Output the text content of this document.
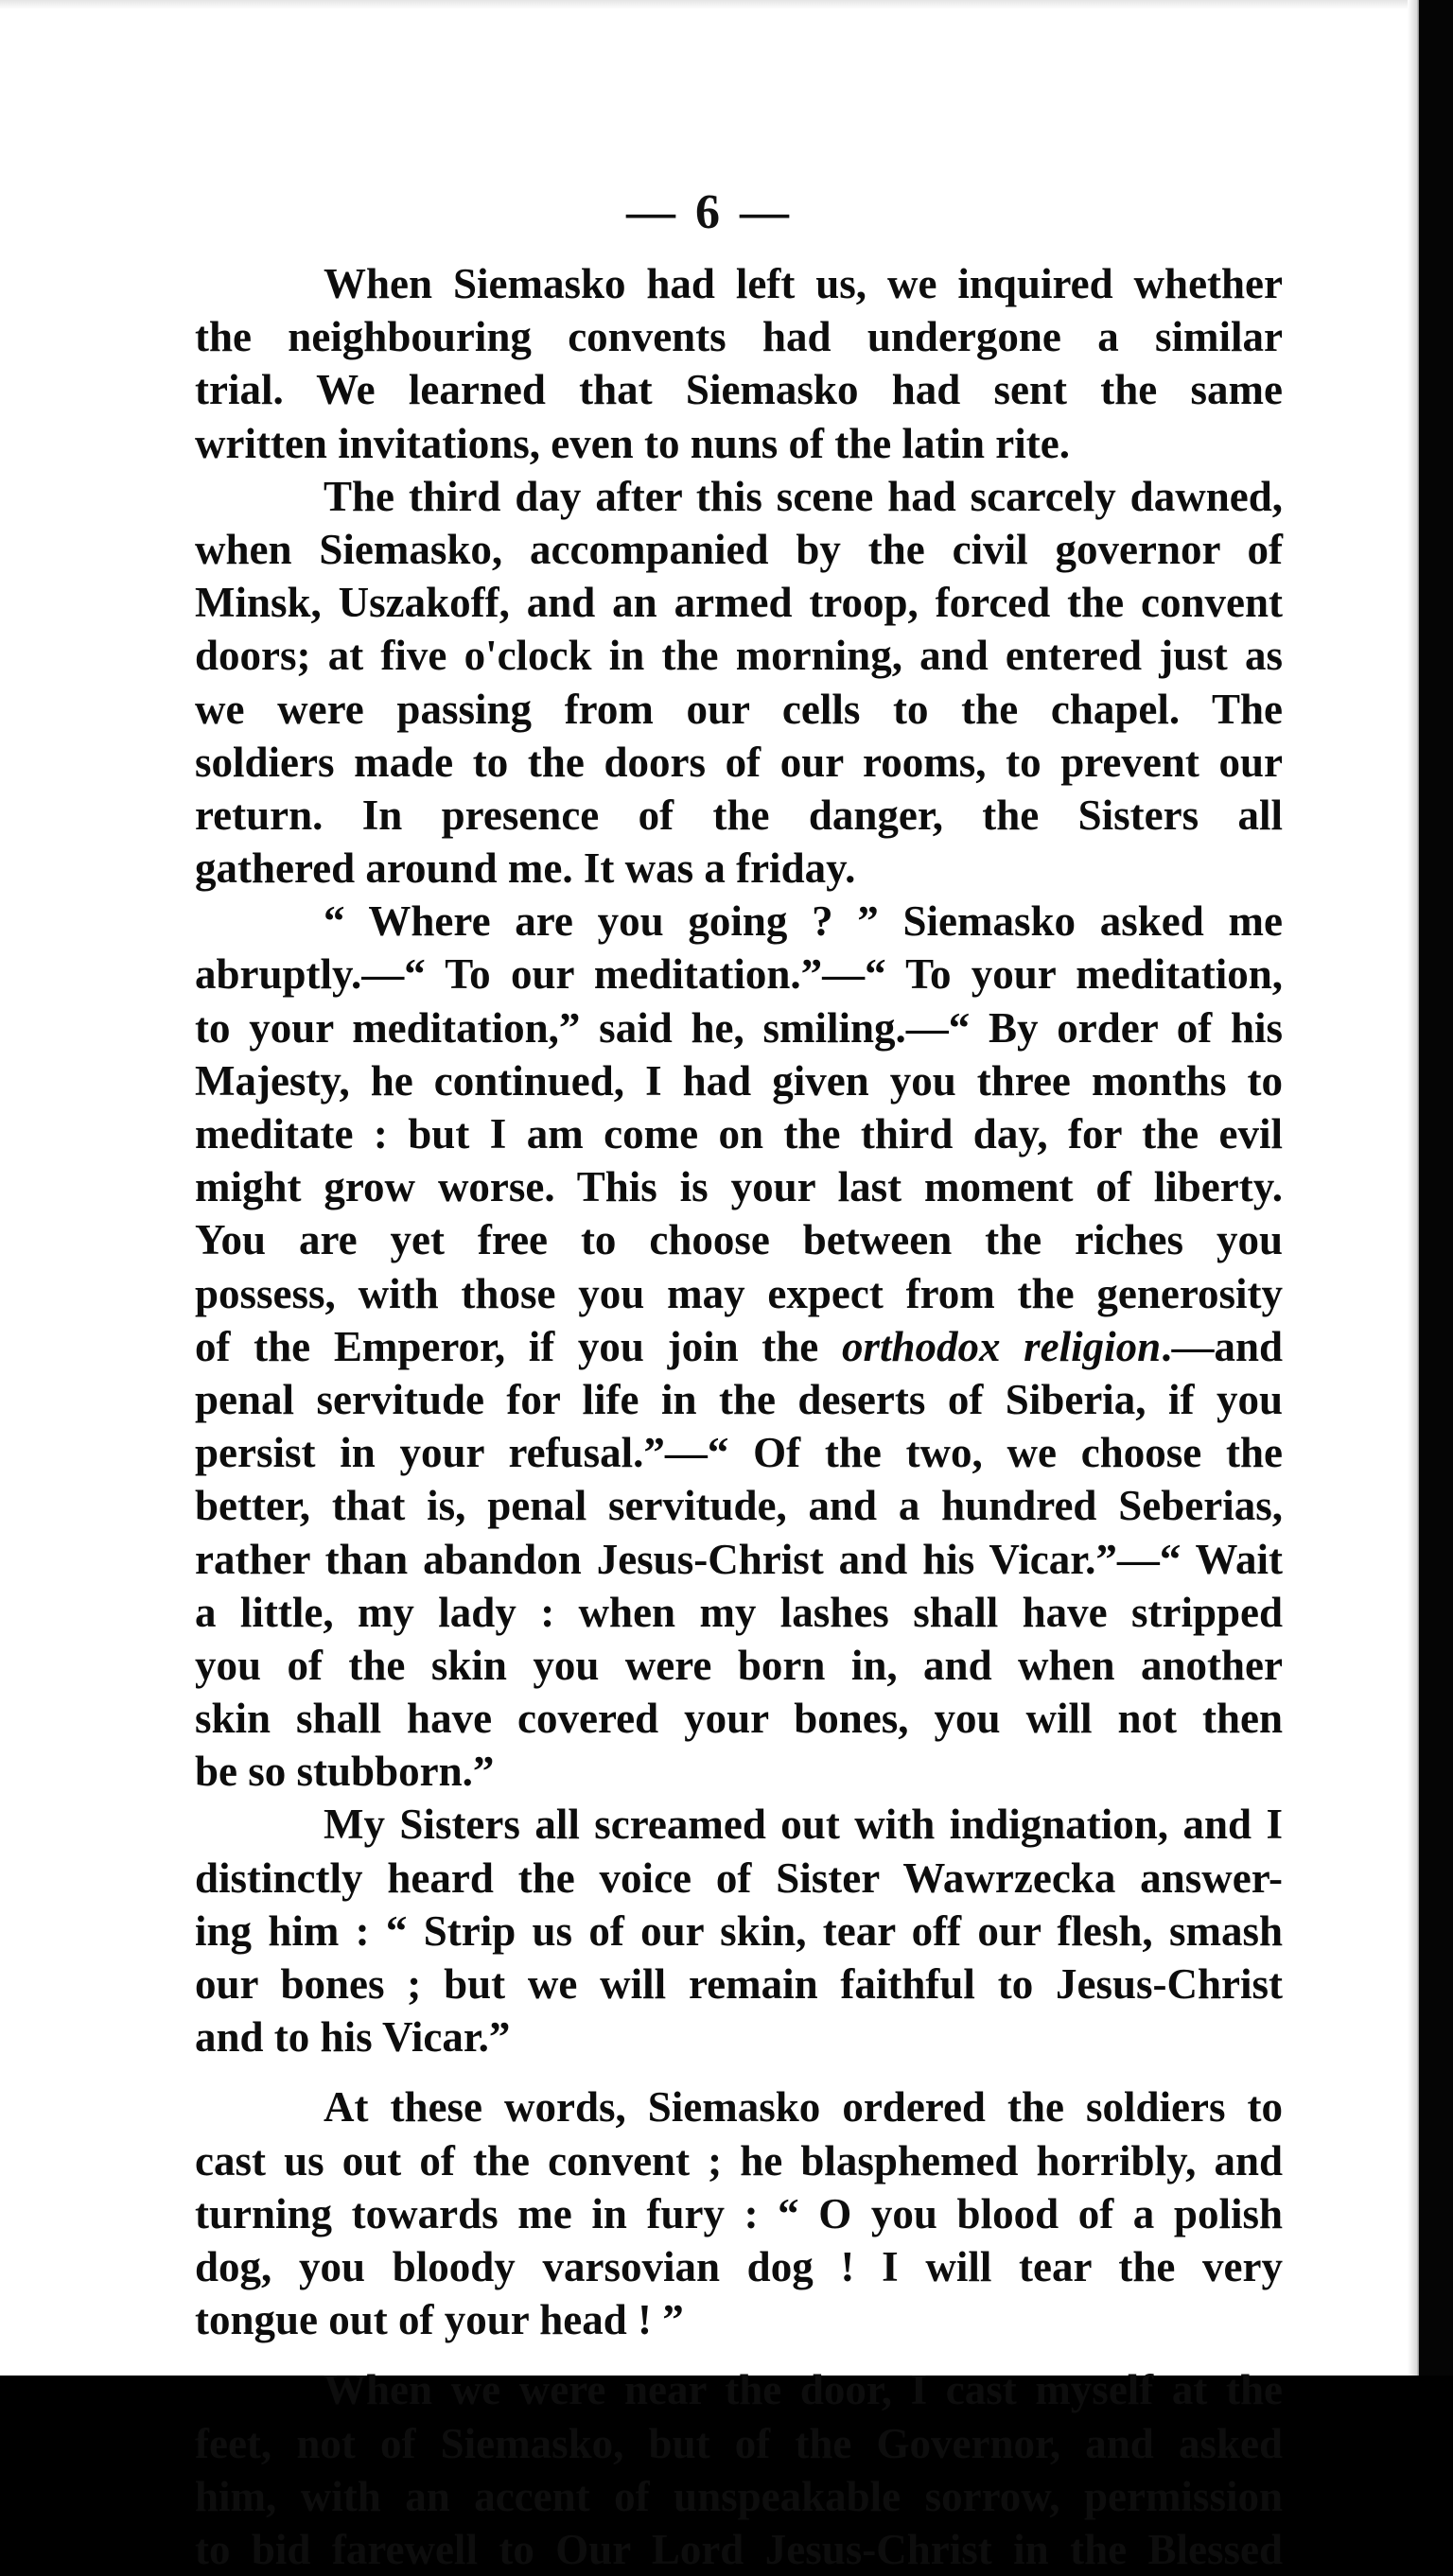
— 6 —
When Siemasko had left us, we inquired whether
the neighbouring convents had undergone a similar
trial. We learned that Siemasko had sent the same
written invitations, even to nuns of the latin rite.
The third day after this scene had scarcely dawned,
when Siemasko, accompanied by the civil governor of
Minsk, Uszakoff, and an armed troop, forced the convent
doors; at five o'clock in the morning, and entered just as
we were passing from our cells to the chapel. The
soldiers made to the doors of our rooms, to prevent our
return. In presence of the danger, the Sisters all
gathered around me. It was a friday.
“ Where are you going ? ” Siemasko asked me
abruptly.—“ To our meditation.”—“ To your meditation,
to your meditation,” said he, smiling.—“ By order of his
Majesty, he continued, I had given you three months to
meditate : but I am come on the third day, for the evil
might grow worse. This is your last moment of liberty.
You are yet free to choose between the riches you
possess, with those you may expect from the generosity
of the Emperor, if you join the orthodox religion.—and
penal servitude for life in the deserts of Siberia, if you
persist in your refusal.”—“ Of the two, we choose the
better, that is, penal servitude, and a hundred Seberias,
rather than abandon Jesus-Christ and his Vicar.”—“ Wait
a little, my lady : when my lashes shall have stripped
you of the skin you were born in, and when another
skin shall have covered your bones, you will not then
be so stubborn.”
My Sisters all screamed out with indignation, and I
distinctly heard the voice of Sister Wawrzecka answer-
ing him : “ Strip us of our skin, tear off our flesh, smash
our bones ; but we will remain faithful to Jesus-Christ
and to his Vicar.”
At these words, Siemasko ordered the soldiers to
cast us out of the convent ; he blasphemed horribly, and
turning towards me in fury : “ O you blood of a polish
dog, you bloody varsovian dog ! I will tear the very
tongue out of your head ! ”
When we were near the door, I cast myself at the
feet, not of Siemasko, but of the Governor, and asked
him, with an accent of unspeakable sorrow, permission
to bid farewell to Our Lord Jesus-Christ in the Blessed
